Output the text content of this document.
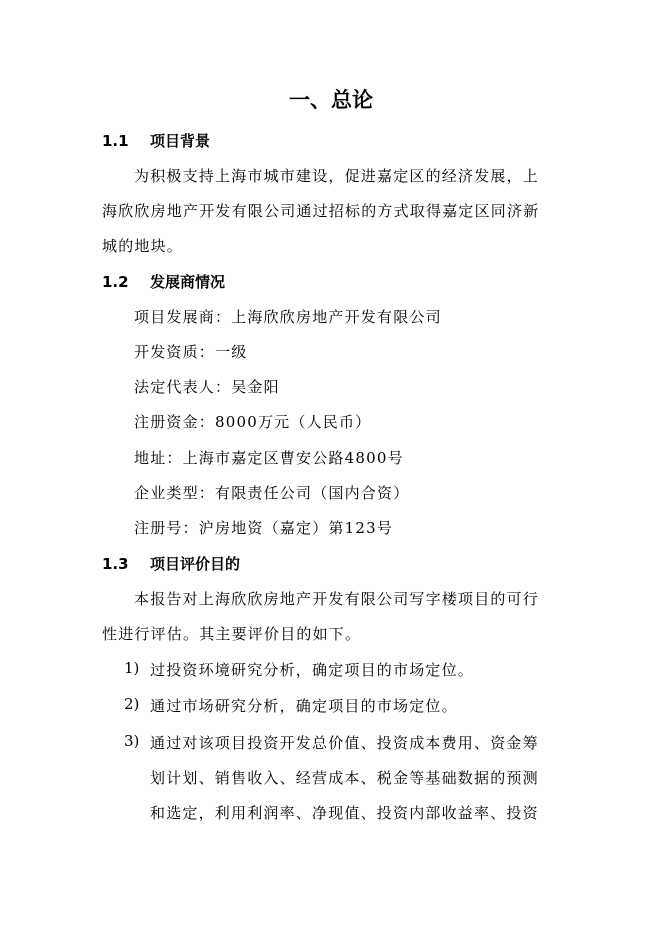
一、总论
1.1 项目背景
为积极支持上海市城市建设，促进嘉定区的经济发展，上
海欣欣房地产开发有限公司通过招标的方式取得嘉定区同济新
城的地块。
1.2 发展商情况
项目发展商：上海欣欣房地产开发有限公司
开发资质：一级
法定代表人：吴金阳
注册资金：8000万元（人民币）
地址：上海市嘉定区曹安公路4800号
企业类型：有限责任公司（国内合资）
注册号：沪房地资（嘉定）第123号
1.3 项目评价目的
本报告对上海欣欣房地产开发有限公司写字楼项目的可行
性进行评估。其主要评价目的如下。
1) 过投资环境研究分析，确定项目的市场定位。
2) 通过市场研究分析，确定项目的市场定位。
3) 通过对该项目投资开发总价值、投资成本费用、资金筹
划计划、销售收入、经营成本、税金等基础数据的预测
和选定，利用利润率、净现值、投资内部收益率、投资
